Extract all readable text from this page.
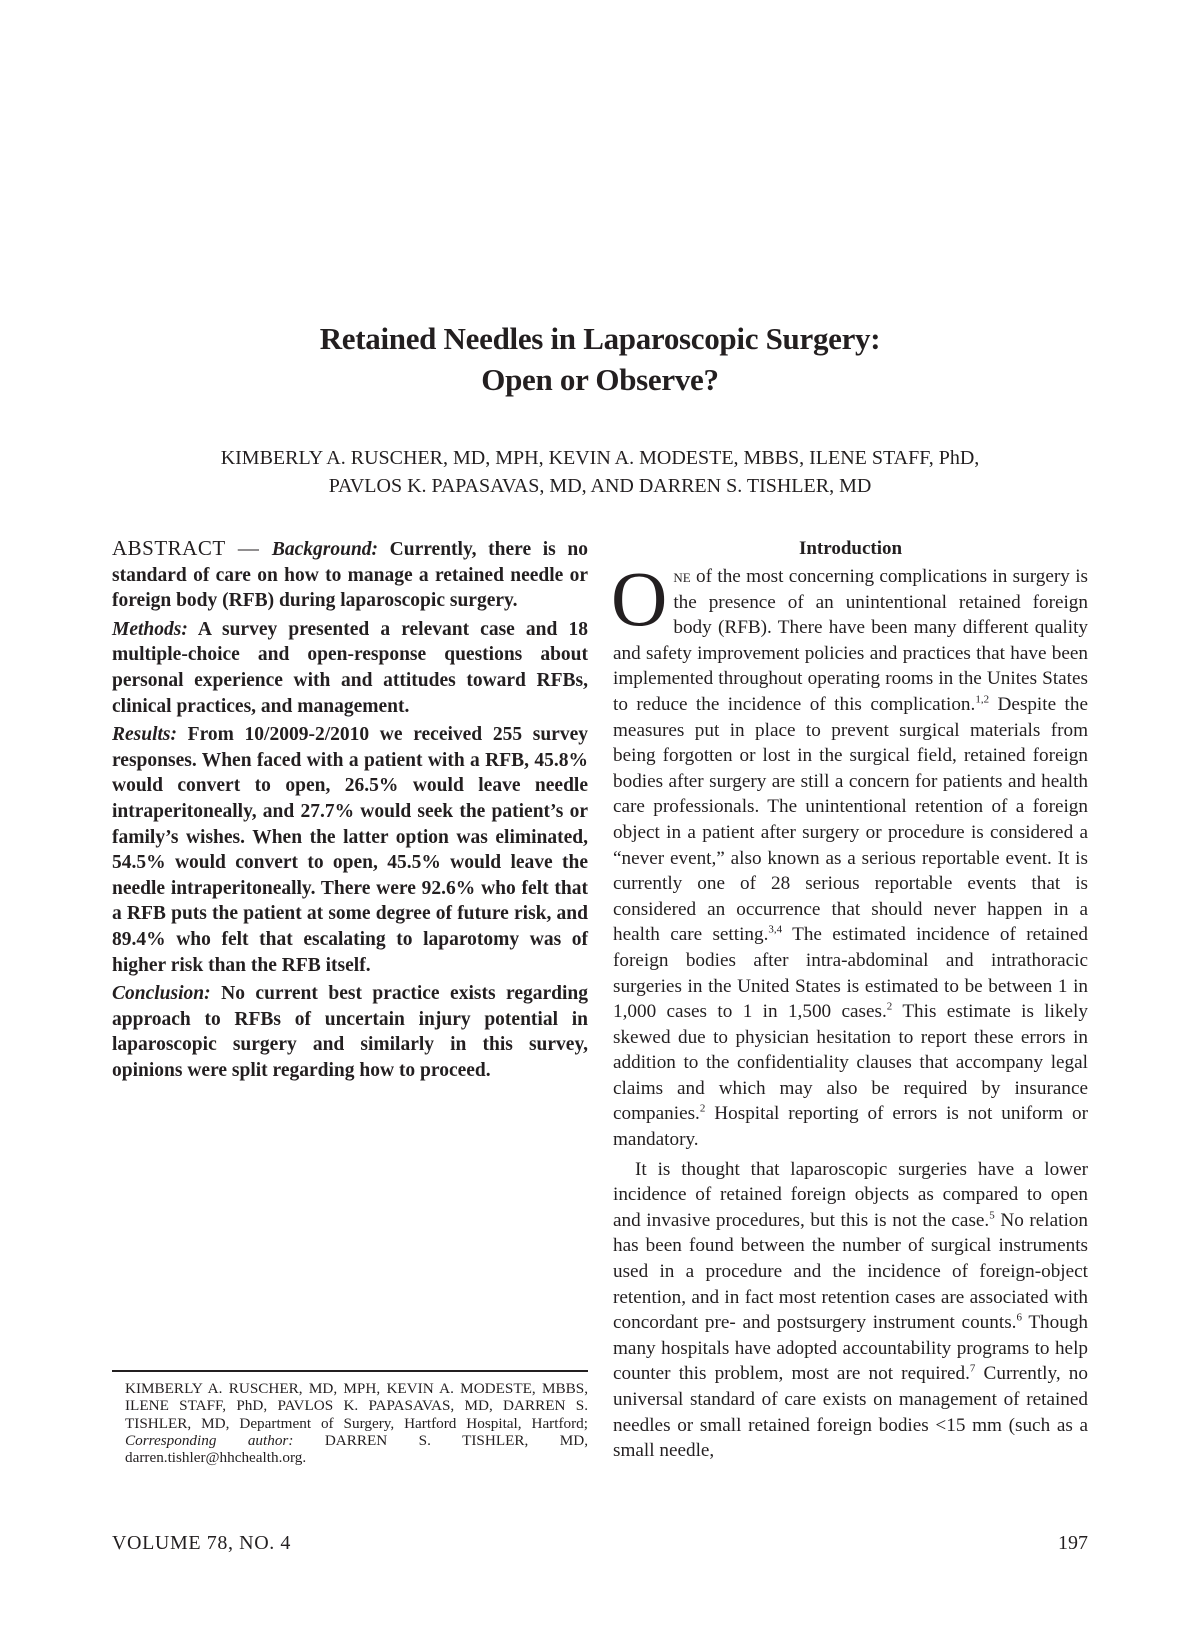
Retained Needles in Laparoscopic Surgery:
Open or Observe?
KIMBERLY A. RUSCHER, MD, MPH, KEVIN A. MODESTE, MBBS, ILENE STAFF, PhD,
PAVLOS K. PAPASAVAS, MD, AND DARREN S. TISHLER, MD

ABSTRACT — Background: Currently, there is no standard of care on how to manage a retained needle or foreign body (RFB) during laparoscopic surgery.

Methods: A survey presented a relevant case and 18 multiple-choice and open-response questions about personal experience with and attitudes toward RFBs, clinical practices, and management.

Results: From 10/2009-2/2010 we received 255 survey responses. When faced with a patient with a RFB, 45.8% would convert to open, 26.5% would leave needle intraperitoneally, and 27.7% would seek the patient’s or family’s wishes. When the latter option was eliminated, 54.5% would convert to open, 45.5% would leave the needle intraperitoneally. There were 92.6% who felt that a RFB puts the patient at some degree of future risk, and 89.4% who felt that escalating to laparotomy was of higher risk than the RFB itself.

Conclusion: No current best practice exists regarding approach to RFBs of uncertain injury potential in laparoscopic surgery and similarly in this survey, opinions were split regarding how to proceed.

KIMBERLY A. RUSCHER, MD, MPH, KEVIN A. MODESTE, MBBS, ILENE STAFF, PhD, PAVLOS K. PAPASAVAS, MD, DARREN S. TISHLER, MD, Department of Surgery, Hartford Hospital, Hartford; Corresponding author: DARREN S. TISHLER, MD, darren.tishler@hhchealth.org.
Introduction

One of the most concerning complications in surgery is the presence of an unintentional retained foreign body (RFB). There have been many different quality and safety improvement policies and practices that have been implemented throughout operating rooms in the Unites States to reduce the incidence of this complication.$^{1,2}$ Despite the measures put in place to prevent surgical materials from being forgotten or lost in the surgical field, retained foreign bodies after surgery are still a concern for patients and health care professionals. The unintentional retention of a foreign object in a patient after surgery or procedure is considered a “never event,” also known as a serious reportable event. It is currently one of 28 serious reportable events that is considered an occurrence that should never happen in a health care setting.$^{3,4}$ The estimated incidence of retained foreign bodies after intra-abdominal and intrathoracic surgeries in the United States is estimated to be between 1 in 1,000 cases to 1 in 1,500 cases.$^2$ This estimate is likely skewed due to physician hesitation to report these errors in addition to the confidentiality clauses that accompany legal claims and which may also be required by insurance companies.$^2$ Hospital reporting of errors is not uniform or mandatory.

It is thought that laparoscopic surgeries have a lower incidence of retained foreign objects as compared to open and invasive procedures, but this is not the case.$^5$ No relation has been found between the number of surgical instruments used in a procedure and the incidence of foreign-object retention, and in fact most retention cases are associated with concordant pre- and postsurgery instrument counts.$^6$ Though many hospitals have adopted accountability programs to help counter this problem, most are not required.$^7$ Currently, no universal standard of care exists on management of retained needles or small retained foreign bodies <15 mm (such as a small needle,

VOLUME 78, NO. 4	197
